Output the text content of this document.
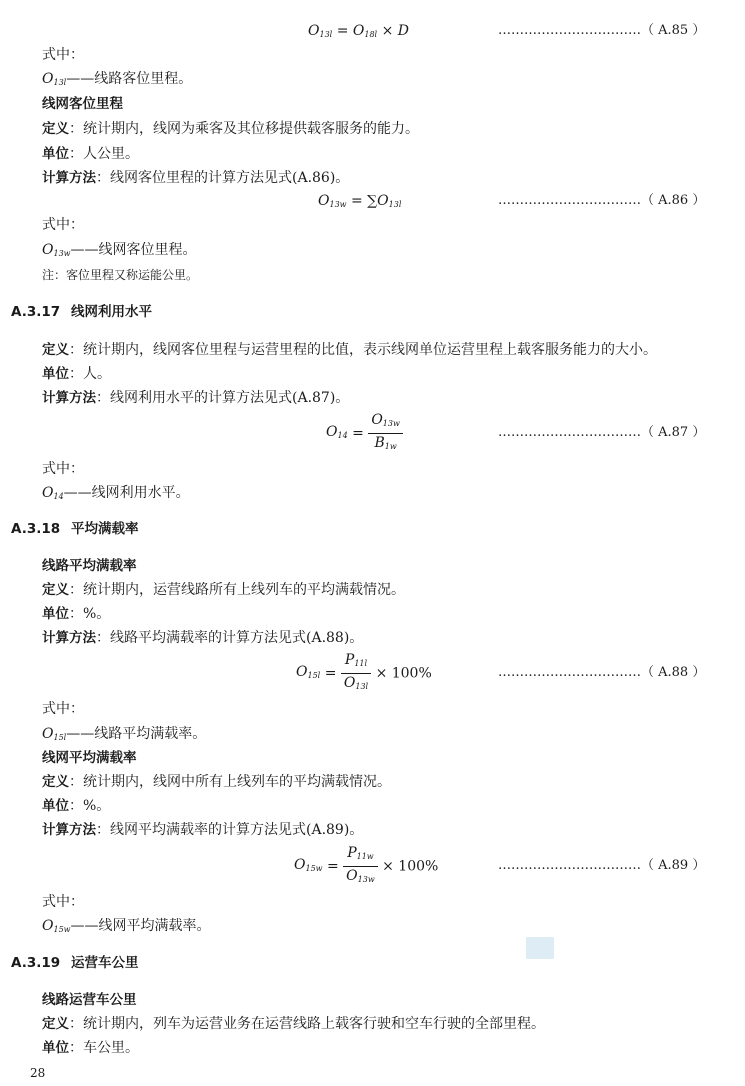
$O_{13l} = O_{18l} \times D$	……………………………（ A.85 ）
式中：
$O_{13l}——$线路客位里程。
线网客位里程
定义：统计期内，线网为乘客及其位移提供载客服务的能力。
单位：人公里。
计算方法：线网客位里程的计算方法见式(A.86)。
$O_{13w} = \sum O_{13l}$	……………………………（ A.86 ）
式中：
$O_{13w}——$线网客位里程。
注：客位里程又称运能公里。
A.3.17 线网利用水平
定义：统计期内，线网客位里程与运营里程的比值，表示线网单位运营里程上载客服务能力的大小。
单位：人。
计算方法：线网利用水平的计算方法见式(A.87)。
$O_{14} = \frac{O_{13w}}{B_{1w}}$	……………………………（ A.87 ）
式中：
$O_{14}——$线网利用水平。
A.3.18 平均满载率
线路平均满载率
定义：统计期内，运营线路所有上线列车的平均满载情况。
单位：%。
计算方法：线路平均满载率的计算方法见式(A.88)。
$O_{15l} = \frac{P_{11l}}{O_{13l}} \times 100\%$	……………………………（ A.88 ）
式中：
$O_{15l}——$线路平均满载率。
线网平均满载率
定义：统计期内，线网中所有上线列车的平均满载情况。
单位：%。
计算方法：线网平均满载率的计算方法见式(A.89)。
$O_{15w} = \frac{P_{11w}}{O_{13w}} \times 100\%$	……………………………（ A.89 ）
式中：
$O_{15w}——$线网平均满载率。
A.3.19 运营车公里
线路运营车公里
定义：统计期内，列车为运营业务在运营线路上载客行驶和空车行驶的全部里程。
单位：车公里。
28
